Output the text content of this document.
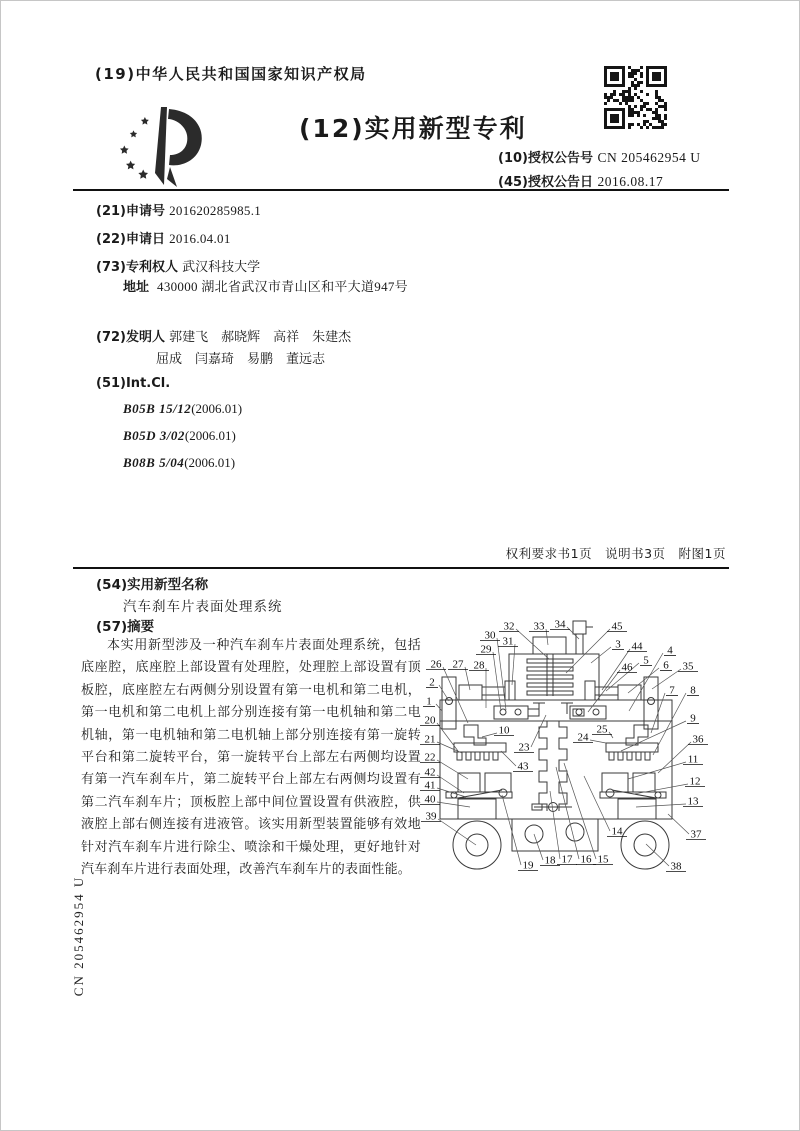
(19)中华人民共和国国家知识产权局
(12)实用新型专利
(10)授权公告号 CN 205462954 U
(45)授权公告日 2016.08.17
(21)申请号 201620285985.1
(22)申请日 2016.04.01
(73)专利权人 武汉科技大学
地址 430000 湖北省武汉市青山区和平大道947号
(72)发明人 郭建飞　郝晓辉　高祥　朱建杰
屈成　闫嘉琦　易鹏　董远志
(51)Int.Cl.
B05B 15/12(2006.01)
B05D 3/02(2006.01)
B08B 5/04(2006.01)
权利要求书1页　说明书3页　附图1页
(54)实用新型名称
汽车刹车片表面处理系统
(57)摘要
本实用新型涉及一种汽车刹车片表面处理系统，包括底座腔，底座腔上部设置有处理腔，处理腔上部设置有顶板腔，底座腔左右两侧分别设置有第一电机和第二电机，第一电机和第二电机上部分别连接有第一电机轴和第二电机轴，第一电机轴和第二电机轴上部分别连接有第一旋转平台和第二旋转平台，第一旋转平台上部左右两侧均设置有第一汽车刹车片，第二旋转平台上部左右两侧均设置有第二汽车刹车片；顶板腔上部中间位置设置有供液腔，供液腔上部右侧连接有进液管。该实用新型装置能够有效地针对汽车刹车片进行除尘、喷涂和干燥处理，更好地针对汽车刹车片进行表面处理，改善汽车刹车片的表面性能。
1
2
3	4
5 6
7 8
9
10
11
12
13
14
15
16
17
18
19
20
21
22
23
24
25
26 27 28
29
30 31
32 33 34
35
36
37
38
39
40
41
42	43
44
45
46
CN 205462954 U
